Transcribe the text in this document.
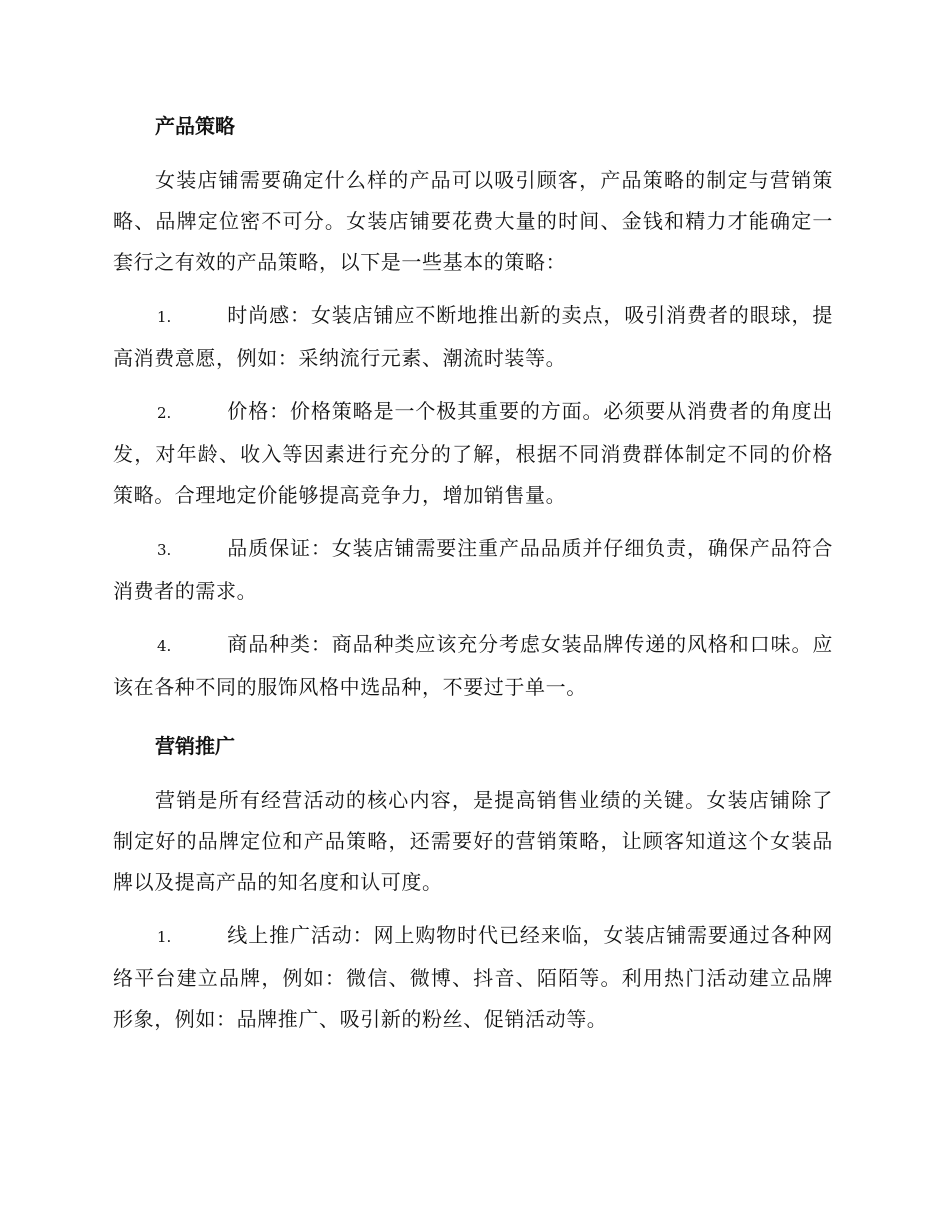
产品策略

女装店铺需要确定什么样的产品可以吸引顾客，产品策略的制定与营销策略、品牌定位密不可分。女装店铺要花费大量的时间、金钱和精力才能确定一套行之有效的产品策略，以下是一些基本的策略：

1.	时尚感：女装店铺应不断地推出新的卖点，吸引消费者的眼球，提高消费意愿，例如：采纳流行元素、潮流时装等。

2.	价格：价格策略是一个极其重要的方面。必须要从消费者的角度出发，对年龄、收入等因素进行充分的了解，根据不同消费群体制定不同的价格策略。合理地定价能够提高竞争力，增加销售量。

3.	品质保证：女装店铺需要注重产品品质并仔细负责，确保产品符合消费者的需求。

4.	商品种类：商品种类应该充分考虑女装品牌传递的风格和口味。应该在各种不同的服饰风格中选品种，不要过于单一。

营销推广

营销是所有经营活动的核心内容，是提高销售业绩的关键。女装店铺除了制定好的品牌定位和产品策略，还需要好的营销策略，让顾客知道这个女装品牌以及提高产品的知名度和认可度。

1.	线上推广活动：网上购物时代已经来临，女装店铺需要通过各种网络平台建立品牌，例如：微信、微博、抖音、陌陌等。利用热门活动建立品牌形象，例如：品牌推广、吸引新的粉丝、促销活动等。
